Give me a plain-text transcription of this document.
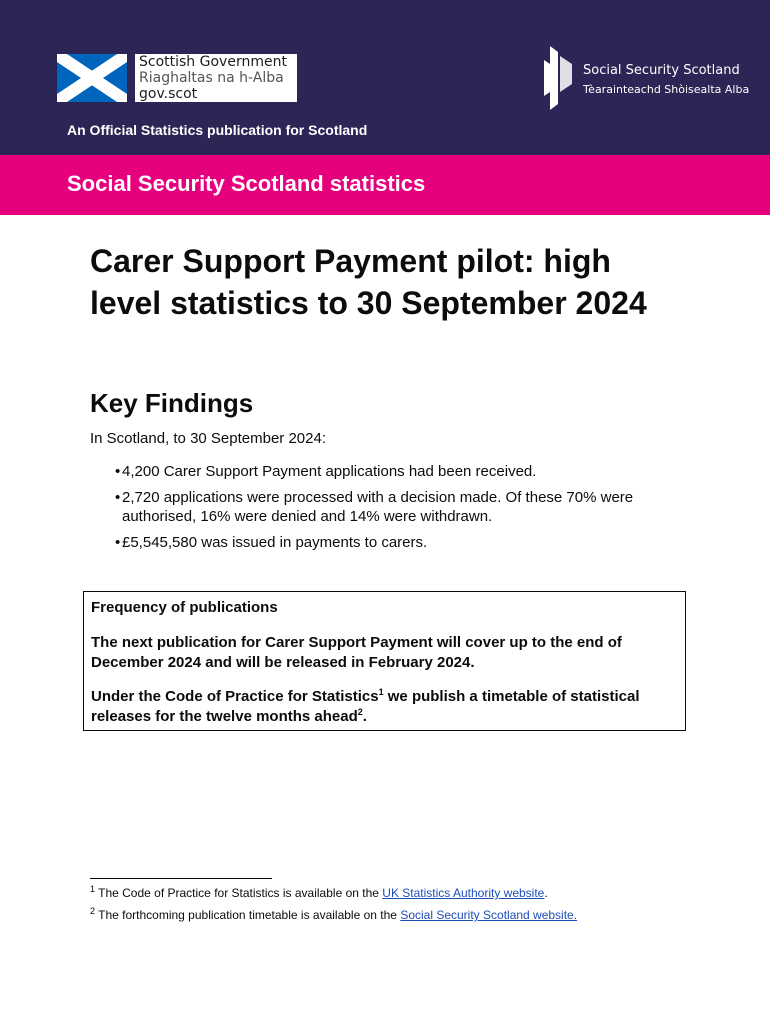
Scottish Government
Riaghaltas na h-Alba
gov.scot
Social Security Scotland
Tèarainteachd Shòisealta Alba
An Official Statistics publication for Scotland
Social Security Scotland statistics
Carer Support Payment pilot: high level statistics to 30 September 2024
Key Findings
In Scotland, to 30 September 2024:
• 4,200 Carer Support Payment applications had been received.
• 2,720 applications were processed with a decision made. Of these 70% were authorised, 16% were denied and 14% were withdrawn.
• £5,545,580 was issued in payments to carers.
Frequency of publications
The next publication for Carer Support Payment will cover up to the end of December 2024 and will be released in February 2024.
Under the Code of Practice for Statistics$^1$ we publish a timetable of statistical releases for the twelve months ahead$^2$.
$^1$ The Code of Practice for Statistics is available on the UK Statistics Authority website.
$^2$ The forthcoming publication timetable is available on the Social Security Scotland website.
